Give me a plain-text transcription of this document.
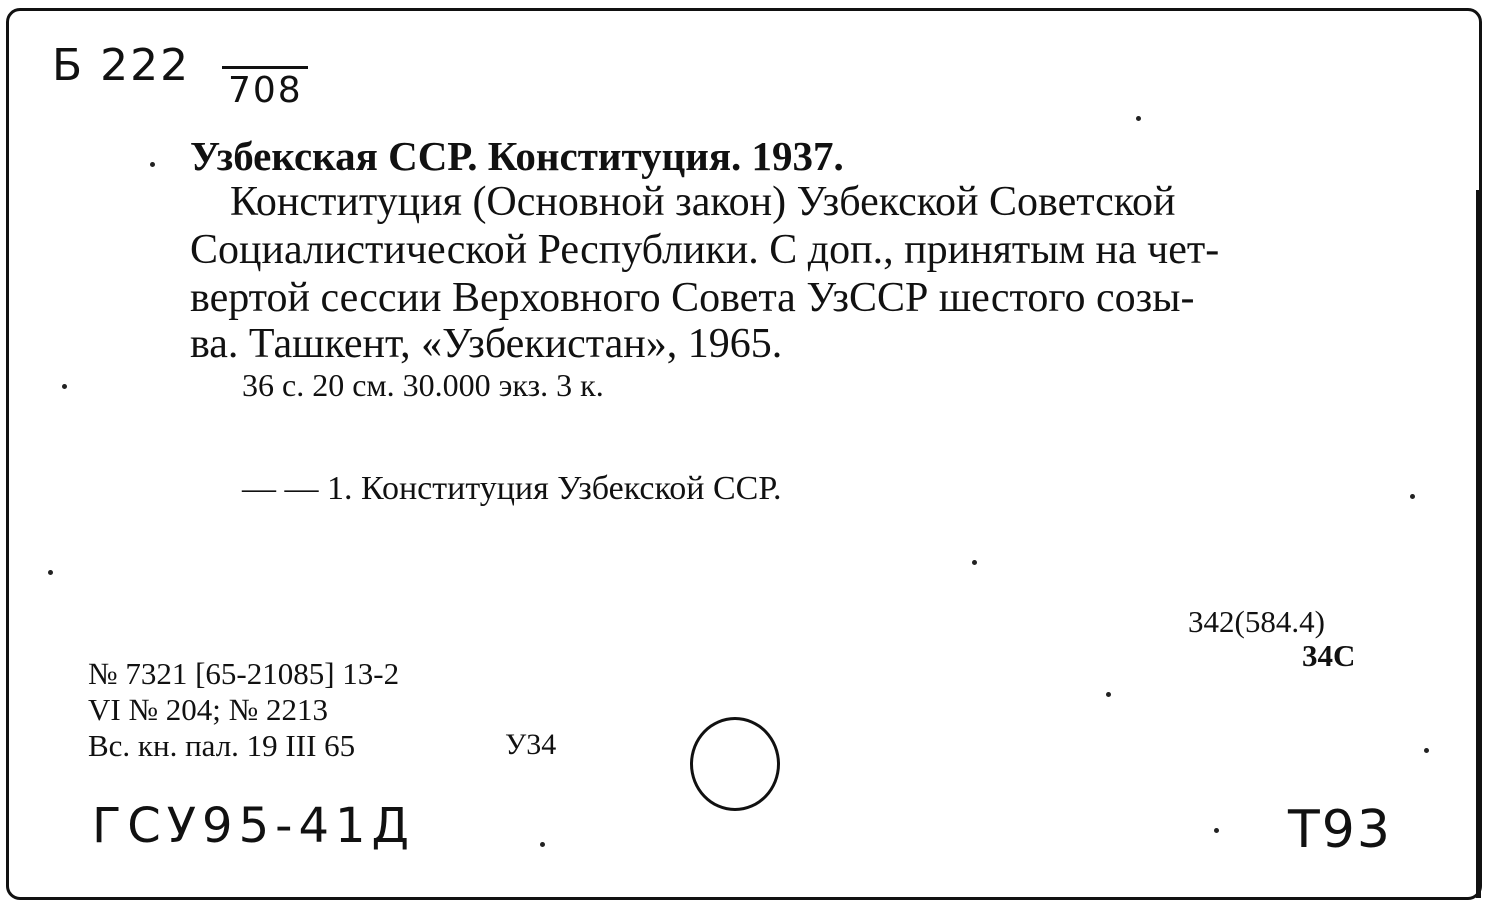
Б 222 708
Узбекская ССР. Конституция. 1937.
Конституция (Основной закон) Узбекской Советской
Социалистической Республики. С доп., принятым на чет-
вертой сессии Верховного Совета УзССР шестого созы-
ва. Ташкент, «Узбекистан», 1965.
36 с. 20 см. 30.000 экз. 3 к.
— — 1. Конституция Узбекской ССР.
342(584.4)
34С
№ 7321 [65-21085] 13-2
VI № 204; № 2213
Вс. кн. пал. 19 III 65	У34
ГСУ95-41Д	Т93
